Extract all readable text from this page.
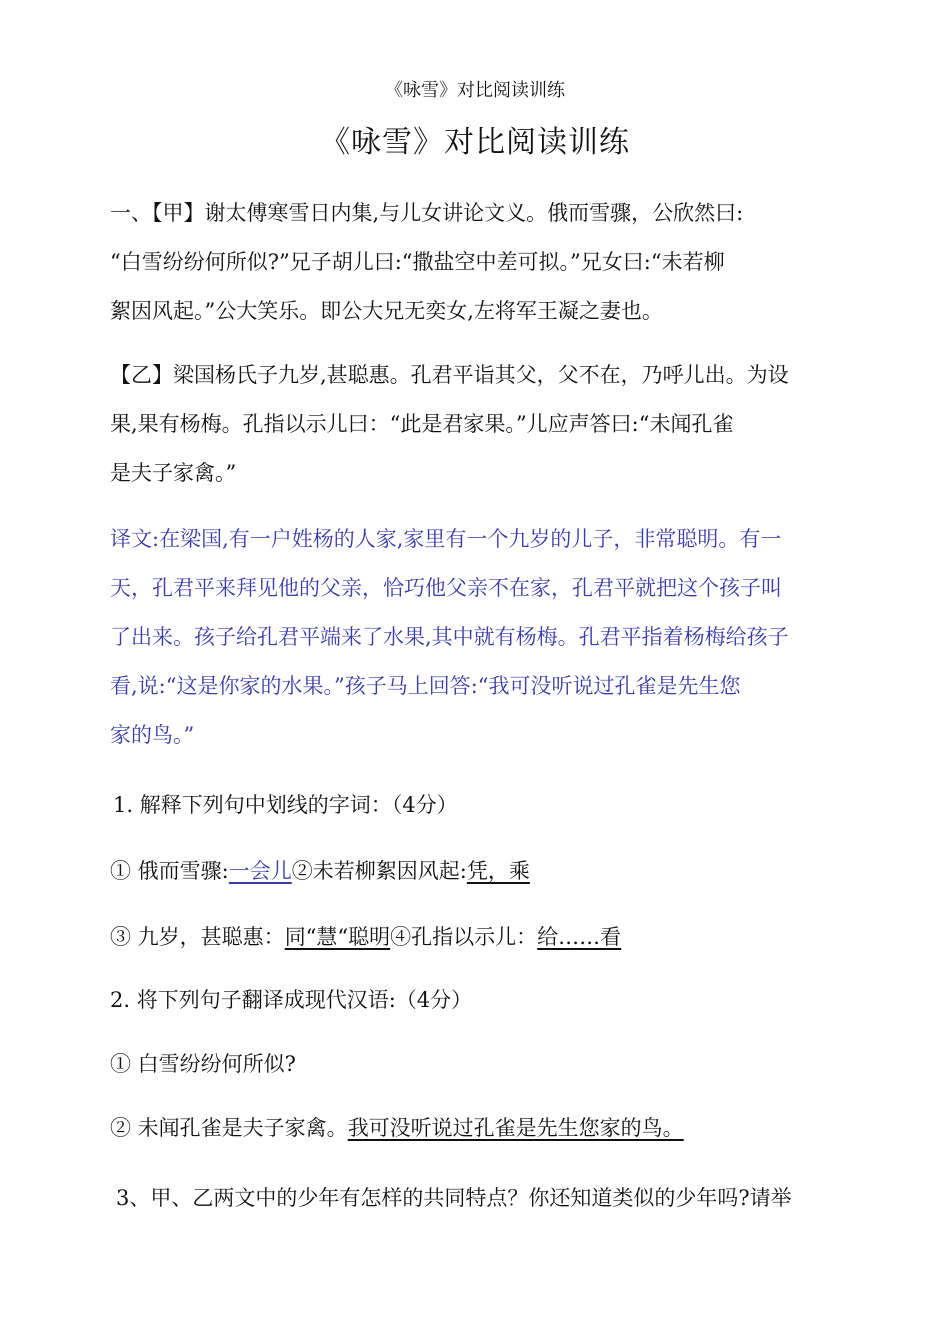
《咏雪》对比阅读训练
《咏雪》对比阅读训练
一、【甲】谢太傅寒雪日内集,与儿女讲论文义。俄而雪骤，公欣然曰:
“白雪纷纷何所似?”兄子胡儿曰:“撒盐空中差可拟。”兄女曰:“未若柳
絮因风起。”公大笑乐。即公大兄无奕女,左将军王凝之妻也。
【乙】梁国杨氏子九岁,甚聪惠。孔君平诣其父，父不在，乃呼儿出。为设
果,果有杨梅。孔指以示儿曰：“此是君家果。”儿应声答曰:“未闻孔雀
是夫子家禽。”
译文:在梁国,有一户姓杨的人家,家里有一个九岁的儿子，非常聪明。有一
天，孔君平来拜见他的父亲，恰巧他父亲不在家，孔君平就把这个孩子叫
了出来。孩子给孔君平端来了水果,其中就有杨梅。孔君平指着杨梅给孩子
看,说:“这是你家的水果。”孩子马上回答:“我可没听说过孔雀是先生您
家的鸟。”
1. 解释下列句中划线的字词：（4分）
① 俄而雪骤:一会儿②未若柳絮因风起:凭，乘
③ 九岁，甚聪惠：同“慧“聪明④孔指以示儿：给……看
2. 将下列句子翻译成现代汉语:（4分）
① 白雪纷纷何所似?
② 未闻孔雀是夫子家禽。我可没听说过孔雀是先生您家的鸟。
3、甲、乙两文中的少年有怎样的共同特点？你还知道类似的少年吗?请举
